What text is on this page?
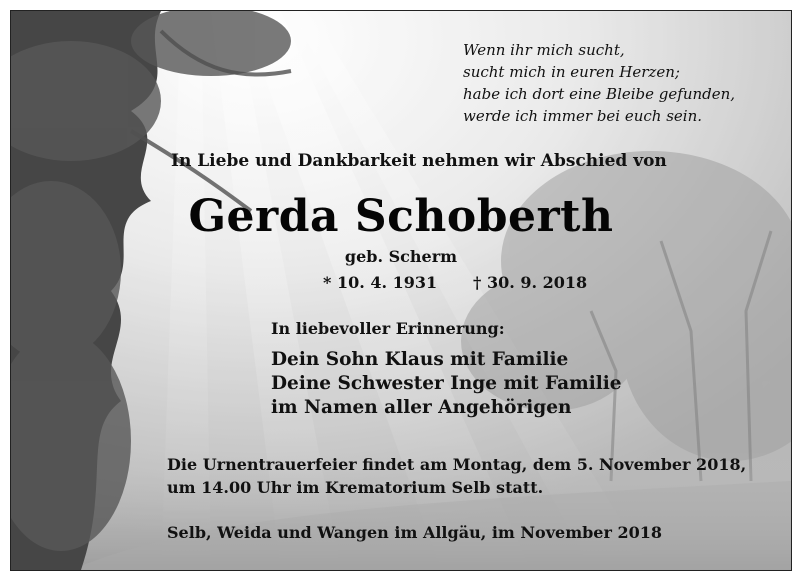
Wenn ihr mich sucht,
sucht mich in euren Herzen;
habe ich dort eine Bleibe gefunden,
werde ich immer bei euch sein.
In Liebe und Dankbarkeit nehmen wir Abschied von
Gerda Schoberth
geb. Scherm
* 10. 4. 1931 † 30. 9. 2018
In liebevoller Erinnerung:
Dein Sohn Klaus mit Familie
Deine Schwester Inge mit Familie
im Namen aller Angehörigen
Die Urnentrauerfeier findet am Montag, dem 5. November 2018,
um 14.00 Uhr im Krematorium Selb statt.
Selb, Weida und Wangen im Allgäu, im November 2018
